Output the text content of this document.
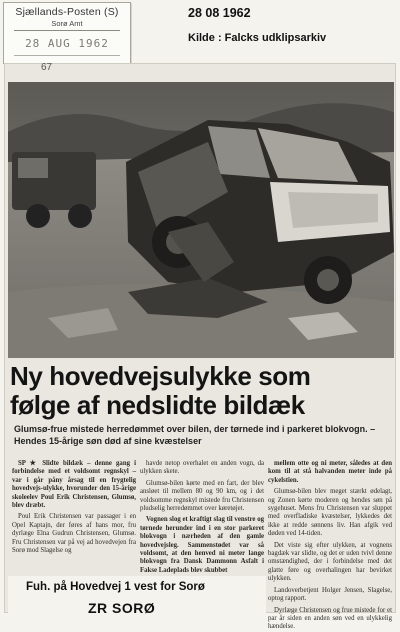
Sjællands-Posten (S)
Sorø Amt
28 AUG 1962
28 08 1962
Kilde : Falcks udklipsarkiv
67
Ny hovedvejsulykke som
følge af nedslidte bildæk
Glumsø-frue mistede herredømmet over bilen, der tørnede ind i parkeret blokvogn. – Hendes 15-årige søn død af sine kvæstelser

SP ★ Slidte bildæk – denne gang i forbindelse med et voldsomt regnskyl – var i går påny årsag til en frygtelig hovedvejs-ulykke, hvorunder den 15-årige skoleelev Poul Erik Christensen, Glumsø, blev dræbt.

Poul Erik Christensen var passager i en Opel Kaptajn, der føres af hans mor, fru dyrlæge Elna Gudrun Christensen, Glumsø. Fru Christensen var på vej ad hovedvejen fra Sorø mod Slagelse og

havde netop overhalet en anden vogn, da ulykken skete.

Glumsø-bilen kørte med en fart, der blev ansløet til mellem 80 og 90 km, og i det voldsomme regnskyl mistede fru Christensen pludselig herredømmet over køretøjet.

Vognen slog et kraftigt slag til venstre og tørnede herunder ind i en stor parkeret blokvogn i nærheden af den gamle hovedvejsleg. Sammenstødet var så voldsomt, at den henved ni meter lange blokvogn fra Dansk Dammonn Asfalt i Fakse Ladeplads blev skubbet

mellem otte og ni meter, således at den kom til at stå halvanden meter inde på cykelstien.

Glumsø-bilen blev meget stærkt ødelagt, og Zonen kørte moderen og hendes søn på sygehuset. Mens fru Christensen var sluppet med overfladiske kvæstelser, lykkedes det ikke at redde sønnens liv. Han afgik ved døden ved 14-tiden.

Det viste sig efter ulykken, at vognens bagdæk var slidte, og det er uden tvivl denne omstændighed, der i forbindelse med det glatte føre og overhalingen har bevirket ulykken.

Landoverbetjent Holger Jensen, Slagelse, optog rapport.

Dyrlæge Christensen og frue mistede for et par år siden en anden søn ved en ulykkelig hændelse.

Fuh. på Hovedvej 1 vest for Sorø
ZR SORØ
